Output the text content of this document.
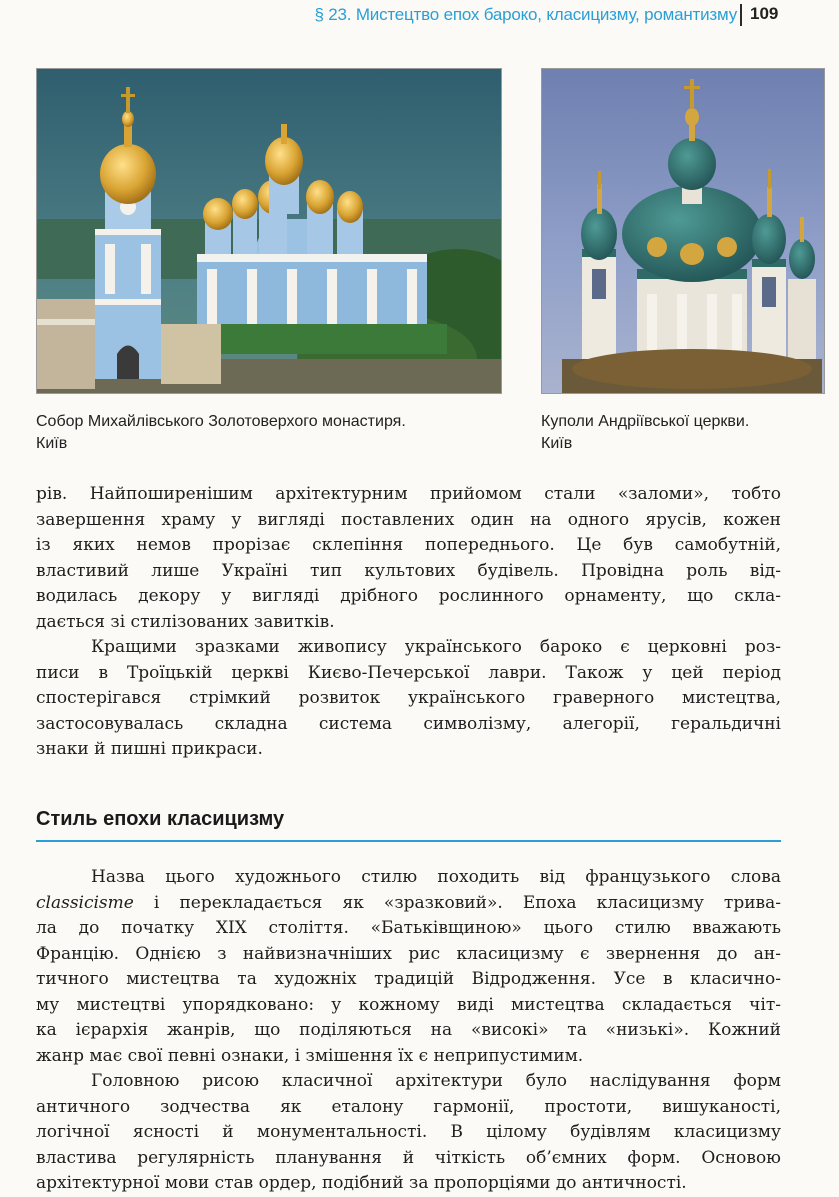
§ 23. Мистецтво епох бароко, класицизму, романтизму 109
Собор Михайлівського Золотоверхого монастиря.
Київ
Куполи Андріївської церкви.
Київ
рів. Найпоширенішим архітектурним прийомом стали «заломи», тобто
завершення храму у вигляді поставлених один на одного ярусів, кожен
із яких немов прорізає склепіння попереднього. Це був самобутній,
властивий лише Україні тип культових будівель. Провідна роль від-
водилась декору у вигляді дрібного рослинного орнаменту, що скла-
дається зі стилізованих завитків.
Кращими зразками живопису українського бароко є церковні роз-
писи в Троїцькій церкві Києво-Печерської лаври. Також у цей період
спостерігався стрімкий розвиток українського граверного мистецтва,
застосовувалась складна система символізму, алегорії, геральдичні
знаки й пишні прикраси.
Стиль епохи класицизму
Назва цього художнього стилю походить від французького слова
classicisme і перекладається як «зразковий». Епоха класицизму трива-
ла до початку XIX століття. «Батьківщиною» цього стилю вважають
Францію. Однією з найвизначніших рис класицизму є звернення до ан-
тичного мистецтва та художніх традицій Відродження. Усе в класично-
му мистецтві упорядковано: у кожному виді мистецтва складається чіт-
ка ієрархія жанрів, що поділяються на «високі» та «низькі». Кожний
жанр має свої певні ознаки, і змішення їх є неприпустимим.
Головною рисою класичної архітектури було наслідування форм
античного зодчества як еталону гармонії, простоти, вишуканості,
логічної ясності й монументальності. В цілому будівлям класицизму
властива регулярність планування й чіткість об’ємних форм. Основою
архітектурної мови став ордер, подібний за пропорціями до античності.
